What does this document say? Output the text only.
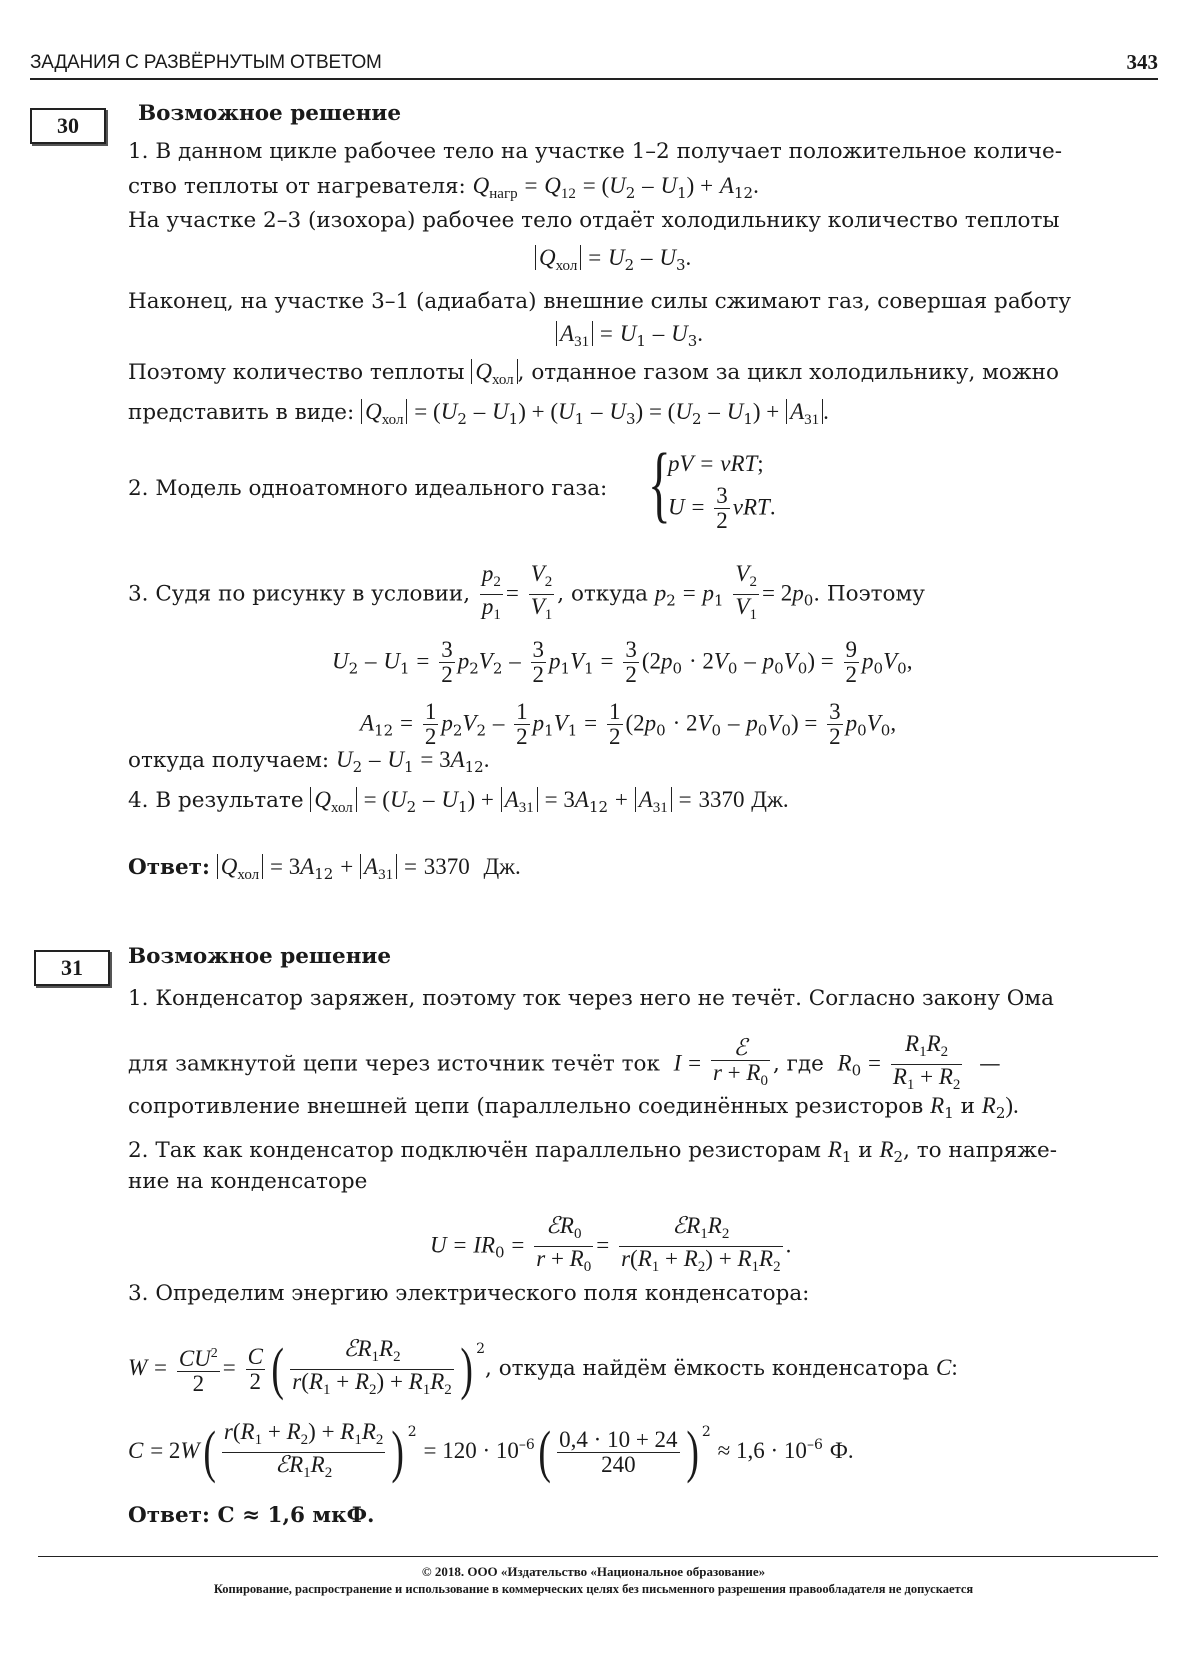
ЗАДАНИЯ С РАЗВЁРНУТЫМ ОТВЕТОМ	343
30	Возможное решение
1. В данном цикле рабочее тело на участке 1–2 получает положительное количе-
ство теплоты от нагревателя: $Q_{нагр} = Q_{12} = (U_2 - U_1) + A_{12}$.
На участке 2–3 (изохора) рабочее тело отдаёт холодильнику количество теплоты
$Q_{хол} = U_2 - U_3$.
Наконец, на участке 3–1 (адиабата) внешние силы сжимают газ, совершая работу
$A_{31} = U_1 - U_3$.
Поэтому количество теплоты $Q_{хол}$ , отданное газом за цикл холодильнику, можно
представить в виде: $Q_{хол} = (U_2 - U_1) + (U_1 - U_3) = (U_2 - U_1) + A_{31}$ .
2. Модель одноатомного идеального газа: {
pV = νRT;
$U = \frac{3}{2} \nu RT$.
3. Судя по рисунку в условии, $\frac{p_2}{p_1} = \frac{V_2}{V_1}$ , откуда $p_2 = p_1 \frac{V_2}{V_1} = 2p_0$. Поэтому
$U_2 - U_1 = \frac{3}{2} p_2V_2 - \frac{3}{2} p_1V_1 = \frac{3}{2} (2p_0 \cdot 2V_0 - p_0V_0) = \frac{9}{2} p_0V_0$,
$A_{12} = \frac{1}{2} p_2V_2 - \frac{1}{2} p_1V_1 = \frac{1}{2} (2p_0 \cdot 2V_0 - p_0V_0) = \frac{3}{2} p_0V_0$,
откуда получаем: $U_2 - U_1 = 3A_{12}$.
4. В результате $Q_{хол} = (U_2 - U_1) + A_{31} = 3A_{12} + A_{31} = 3370$ Дж.
Ответ: $Q_{хол} = 3A_{12} + A_{31} = 3370$ Дж.
31	Возможное решение
1. Конденсатор заряжен, поэтому ток через него не течёт. Согласно закону Ома
для замкнутой цепи через источник течёт ток $I = \frac{\text{ℰ}}{r + R_0}$ , где $R_0 = \frac{R_1R_2}{R_1 + R_2}$ —
сопротивление внешней цепи (параллельно соединённых резисторов $R_1$ и $R_2$).
2. Так как конденсатор подключён параллельно резисторам $R_1$ и $R_2$, то напряже-
ние на конденсаторе
$U = IR_0 = \frac{ℰR_0}{r + R_0} = \frac{ℰR_1R_2}{r(R_1 + R_2) + R_1R_2}$ .
3. Определим энергию электрического поля конденсатора:
$W = \frac{CU^2}{2} = \frac{C}{2}$ ( $\frac{ℰR_1R_2}{r(R_1 + R_2) + R_1R_2}$ ) $^2$, откуда найдём ёмкость конденсатора C:
$C = 2W( \frac{r(R_1 + R_2) + R_1R_2}{ℰR_1R_2}$ ) $^2 = 120 \cdot 10^{-6}( \frac{0,4 \cdot 10 + 24}{240}$ ) $^2 \approx 1,6 \cdot 10^{-6}$ Ф.
Ответ: C ≈ 1,6 мкФ.
© 2018. ООО «Издательство «Национальное образование»
Копирование, распространение и использование в коммерческих целях без письменного разрешения правообладателя не допускается
